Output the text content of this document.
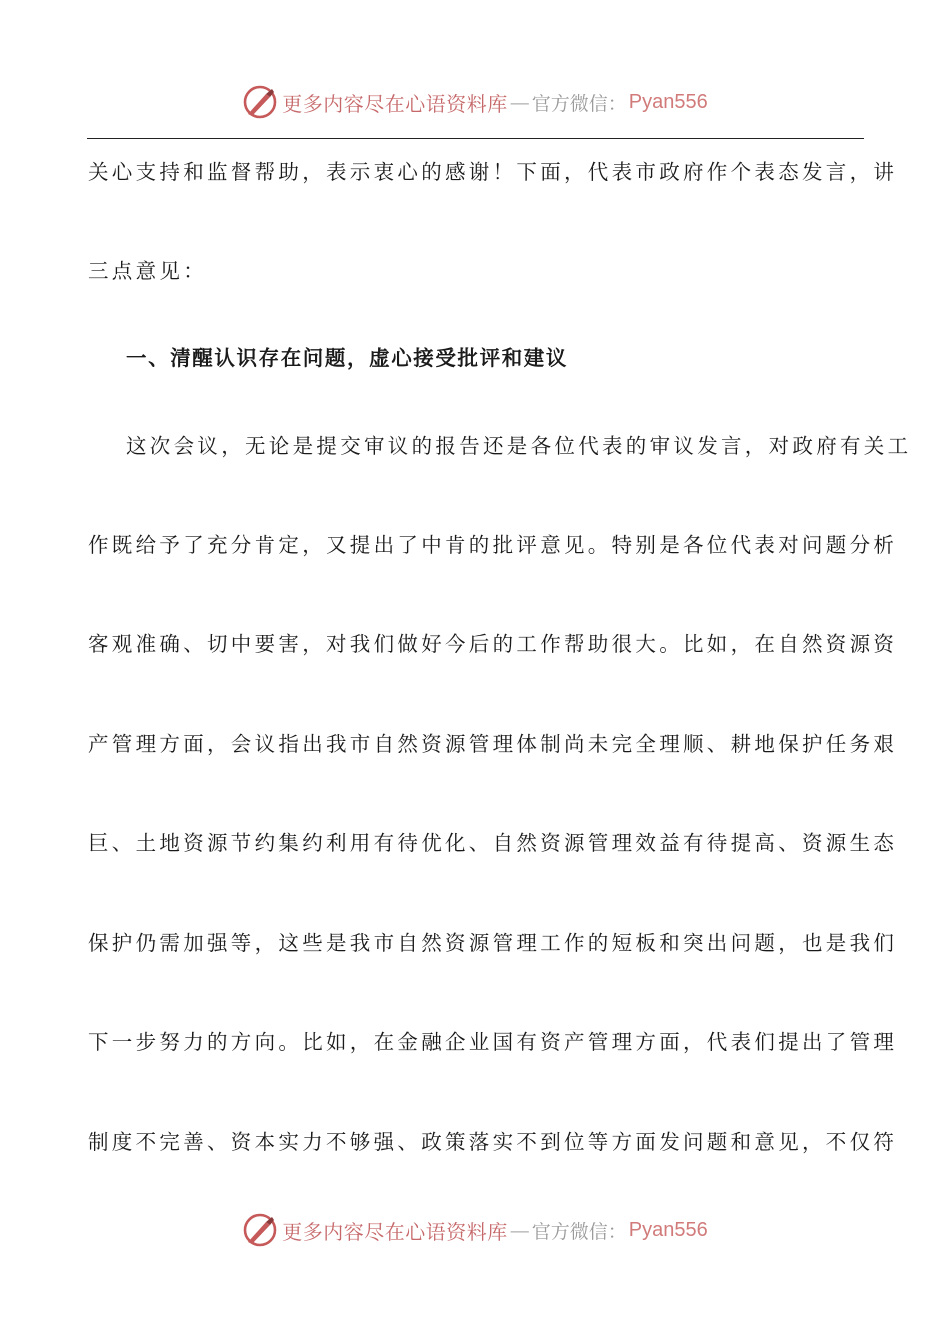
更多内容尽在心语资料库 — 官方微信： Pyan556
关心支持和监督帮助，表示衷心的感谢！下面，代表市政府作个表态发言，讲
三点意见：
一、清醒认识存在问题，虚心接受批评和建议
这次会议，无论是提交审议的报告还是各位代表的审议发言，对政府有关工
作既给予了充分肯定，又提出了中肯的批评意见。特别是各位代表对问题分析
客观准确、切中要害，对我们做好今后的工作帮助很大。比如，在自然资源资
产管理方面，会议指出我市自然资源管理体制尚未完全理顺、耕地保护任务艰
巨、土地资源节约集约利用有待优化、自然资源管理效益有待提高、资源生态
保护仍需加强等，这些是我市自然资源管理工作的短板和突出问题，也是我们
下一步努力的方向。比如，在金融企业国有资产管理方面，代表们提出了管理
制度不完善、资本实力不够强、政策落实不到位等方面发问题和意见，不仅符
更多内容尽在心语资料库 — 官方微信： Pyan556
